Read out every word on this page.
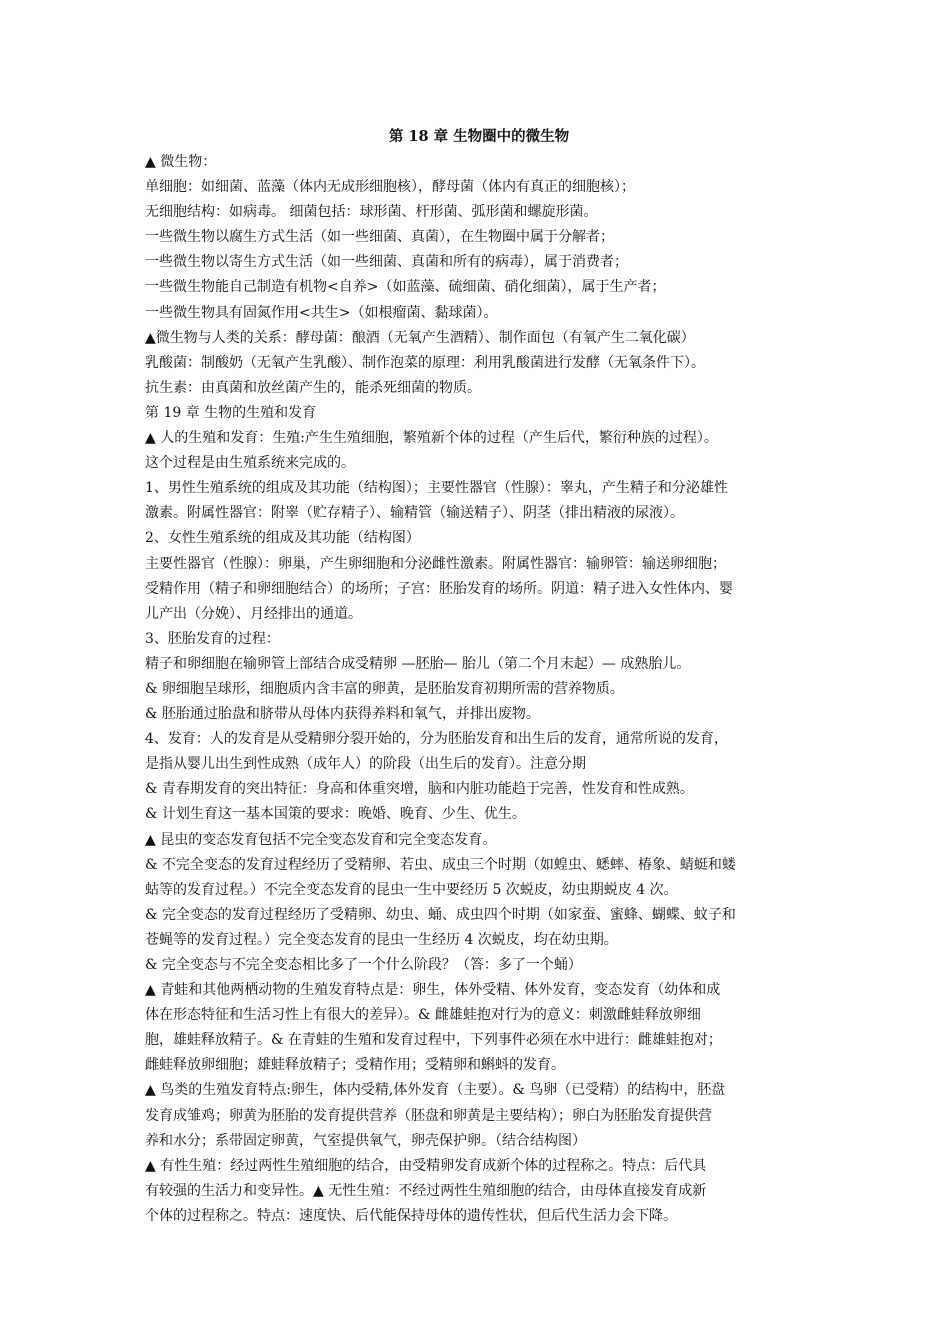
第 18 章 生物圈中的微生物
▲ 微生物：
单细胞：如细菌、蓝藻（体内无成形细胞核），酵母菌（体内有真正的细胞核）；
无细胞结构：如病毒。 细菌包括：球形菌、杆形菌、弧形菌和螺旋形菌。
一些微生物以腐生方式生活（如一些细菌、真菌），在生物圈中属于分解者；
一些微生物以寄生方式生活（如一些细菌、真菌和所有的病毒），属于消费者；
一些微生物能自己制造有机物<自养>（如蓝藻、硫细菌、硝化细菌），属于生产者；
一些微生物具有固氮作用<共生>（如根瘤菌、黏球菌）。
▲微生物与人类的关系：酵母菌：酿酒（无氧产生酒精）、制作面包（有氧产生二氧化碳）
乳酸菌：制酸奶（无氧产生乳酸）、制作泡菜的原理：利用乳酸菌进行发酵（无氧条件下）。
抗生素：由真菌和放丝菌产生的，能杀死细菌的物质。
第 19 章 生物的生殖和发育
▲ 人的生殖和发育：生殖:产生生殖细胞，繁殖新个体的过程（产生后代，繁衍种族的过程）。
这个过程是由生殖系统来完成的。
1、男性生殖系统的组成及其功能（结构图）；主要性器官（性腺）：睾丸，产生精子和分泌雄性
激素。附属性器官：附睾（贮存精子）、输精管（输送精子）、阴茎（排出精液的尿液）。
2、女性生殖系统的组成及其功能（结构图）
主要性器官（性腺）：卵巢，产生卵细胞和分泌雌性激素。附属性器官：输卵管：输送卵细胞；
受精作用（精子和卵细胞结合）的场所；子宫：胚胎发育的场所。阴道：精子进入女性体内、婴
儿产出（分娩）、月经排出的通道。
3、胚胎发育的过程：
精子和卵细胞在输卵管上部结合成受精卵 —胚胎— 胎儿（第二个月末起）— 成熟胎儿。
& 卵细胞呈球形，细胞质内含丰富的卵黄，是胚胎发育初期所需的营养物质。
& 胚胎通过胎盘和脐带从母体内获得养料和氧气，并排出废物。
4、发育：人的发育是从受精卵分裂开始的，分为胚胎发育和出生后的发育，通常所说的发育，
是指从婴儿出生到性成熟（成年人）的阶段（出生后的发育）。注意分期
& 青春期发育的突出特征：身高和体重突增，脑和内脏功能趋于完善，性发育和性成熟。
& 计划生育这一基本国策的要求：晚婚、晚育、少生、优生。
▲ 昆虫的变态发育包括不完全变态发育和完全变态发育。
& 不完全变态的发育过程经历了受精卵、若虫、成虫三个时期（如蝗虫、蟋蟀、椿象、蜻蜓和蝼
蛄等的发育过程。）不完全变态发育的昆虫一生中要经历 5 次蜕皮，幼虫期蜕皮 4 次。
& 完全变态的发育过程经历了受精卵、幼虫、蛹、成虫四个时期（如家蚕、蜜蜂、蝴蝶、蚊子和
苍蝇等的发育过程。）完全变态发育的昆虫一生经历 4 次蜕皮，均在幼虫期。
& 完全变态与不完全变态相比多了一个什么阶段？（答：多了一个蛹）
▲ 青蛙和其他两栖动物的生殖发育特点是：卵生，体外受精、体外发育，变态发育（幼体和成
体在形态特征和生活习性上有很大的差异）。& 雌雄蛙抱对行为的意义：刺激雌蛙释放卵细
胞，雄蛙释放精子。& 在青蛙的生殖和发育过程中，下列事件必须在水中进行：雌雄蛙抱对；
雌蛙释放卵细胞；雄蛙释放精子；受精作用；受精卵和蝌蚪的发育。
▲ 鸟类的生殖发育特点:卵生，体内受精,体外发育（主要）。& 鸟卵（已受精）的结构中，胚盘
发育成雏鸡；卵黄为胚胎的发育提供营养（胚盘和卵黄是主要结构）；卵白为胚胎发育提供营
养和水分；系带固定卵黄，气室提供氧气，卵壳保护卵。（结合结构图）
▲ 有性生殖：经过两性生殖细胞的结合，由受精卵发育成新个体的过程称之。特点：后代具
有较强的生活力和变异性。▲ 无性生殖：不经过两性生殖细胞的结合，由母体直接发育成新
个体的过程称之。特点：速度快、后代能保持母体的遗传性状，但后代生活力会下降。
